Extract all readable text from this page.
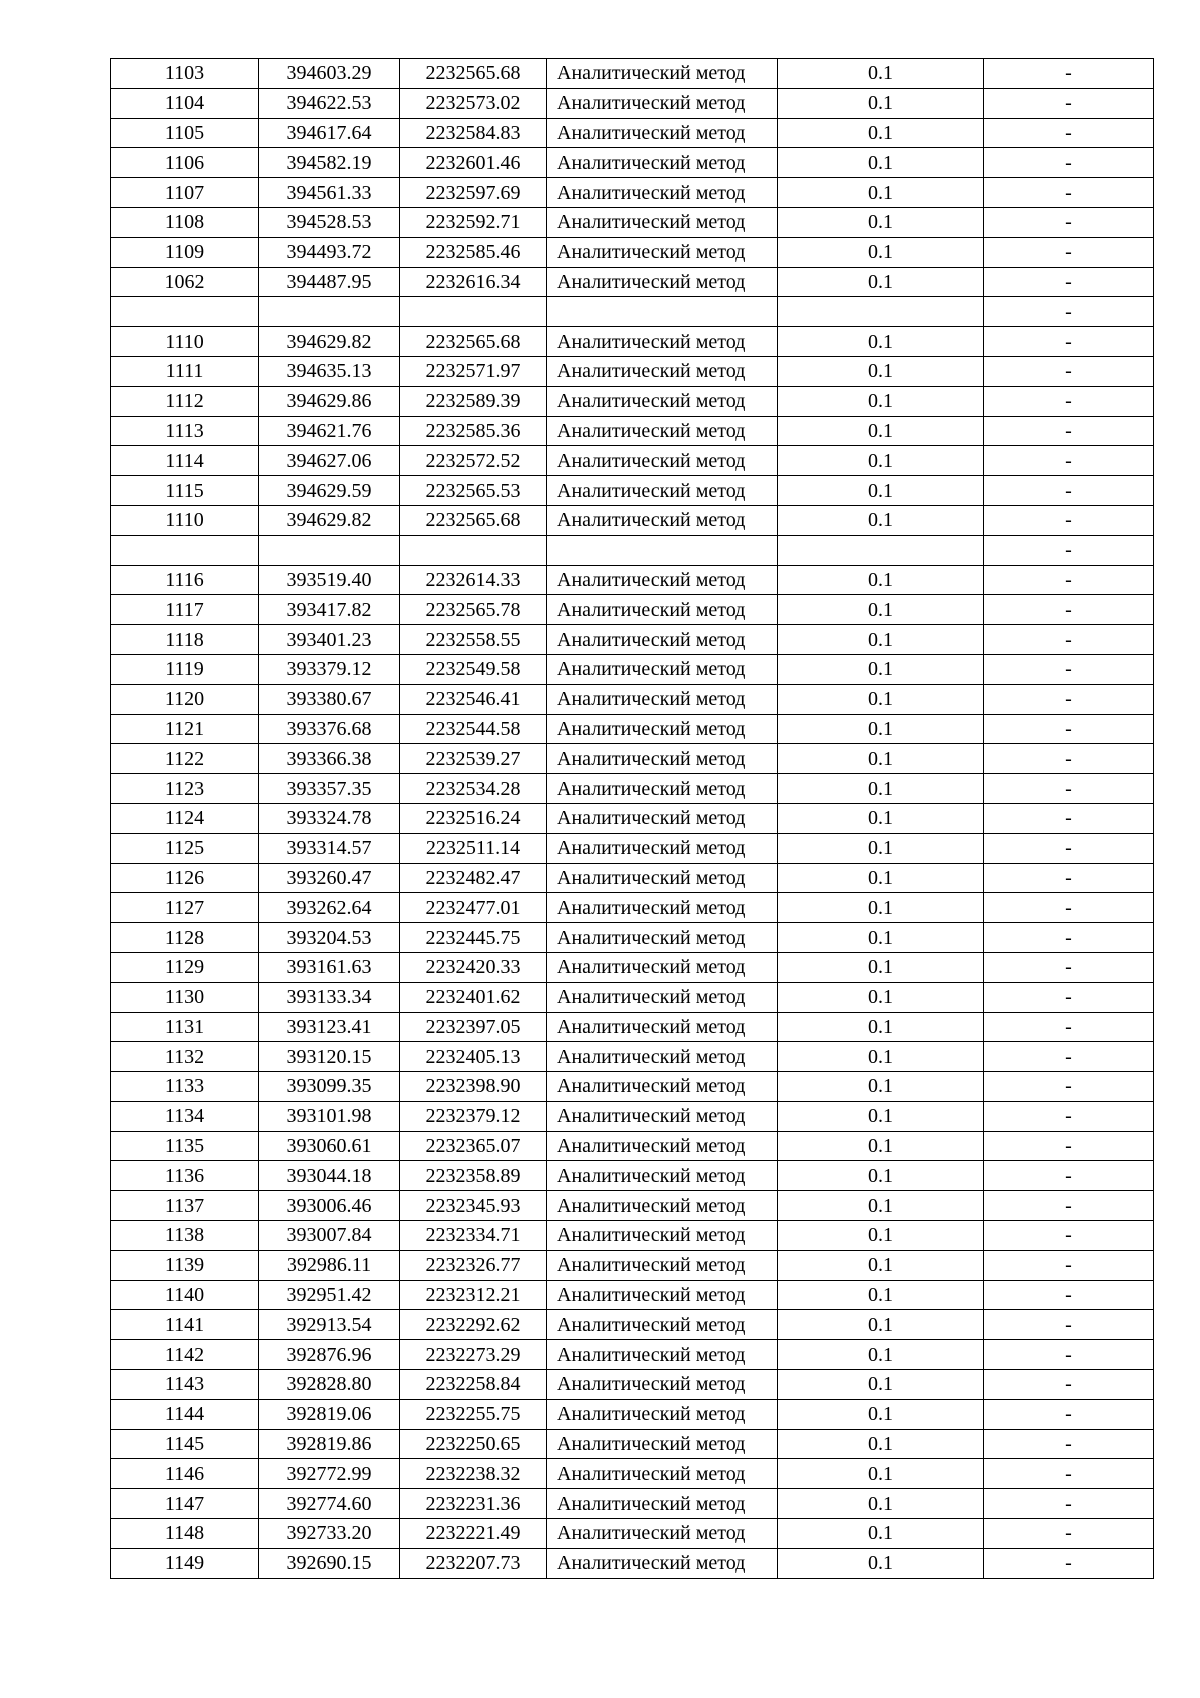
1103	394603.29	2232565.68	Аналитический метод	0.1	-
1104	394622.53	2232573.02	Аналитический метод	0.1	-
1105	394617.64	2232584.83	Аналитический метод	0.1	-
1106	394582.19	2232601.46	Аналитический метод	0.1	-
1107	394561.33	2232597.69	Аналитический метод	0.1	-
1108	394528.53	2232592.71	Аналитический метод	0.1	-
1109	394493.72	2232585.46	Аналитический метод	0.1	-
1062	394487.95	2232616.34	Аналитический метод	0.1	-
					-
1110	394629.82	2232565.68	Аналитический метод	0.1	-
1111	394635.13	2232571.97	Аналитический метод	0.1	-
1112	394629.86	2232589.39	Аналитический метод	0.1	-
1113	394621.76	2232585.36	Аналитический метод	0.1	-
1114	394627.06	2232572.52	Аналитический метод	0.1	-
1115	394629.59	2232565.53	Аналитический метод	0.1	-
1110	394629.82	2232565.68	Аналитический метод	0.1	-
					-
1116	393519.40	2232614.33	Аналитический метод	0.1	-
1117	393417.82	2232565.78	Аналитический метод	0.1	-
1118	393401.23	2232558.55	Аналитический метод	0.1	-
1119	393379.12	2232549.58	Аналитический метод	0.1	-
1120	393380.67	2232546.41	Аналитический метод	0.1	-
1121	393376.68	2232544.58	Аналитический метод	0.1	-
1122	393366.38	2232539.27	Аналитический метод	0.1	-
1123	393357.35	2232534.28	Аналитический метод	0.1	-
1124	393324.78	2232516.24	Аналитический метод	0.1	-
1125	393314.57	2232511.14	Аналитический метод	0.1	-
1126	393260.47	2232482.47	Аналитический метод	0.1	-
1127	393262.64	2232477.01	Аналитический метод	0.1	-
1128	393204.53	2232445.75	Аналитический метод	0.1	-
1129	393161.63	2232420.33	Аналитический метод	0.1	-
1130	393133.34	2232401.62	Аналитический метод	0.1	-
1131	393123.41	2232397.05	Аналитический метод	0.1	-
1132	393120.15	2232405.13	Аналитический метод	0.1	-
1133	393099.35	2232398.90	Аналитический метод	0.1	-
1134	393101.98	2232379.12	Аналитический метод	0.1	-
1135	393060.61	2232365.07	Аналитический метод	0.1	-
1136	393044.18	2232358.89	Аналитический метод	0.1	-
1137	393006.46	2232345.93	Аналитический метод	0.1	-
1138	393007.84	2232334.71	Аналитический метод	0.1	-
1139	392986.11	2232326.77	Аналитический метод	0.1	-
1140	392951.42	2232312.21	Аналитический метод	0.1	-
1141	392913.54	2232292.62	Аналитический метод	0.1	-
1142	392876.96	2232273.29	Аналитический метод	0.1	-
1143	392828.80	2232258.84	Аналитический метод	0.1	-
1144	392819.06	2232255.75	Аналитический метод	0.1	-
1145	392819.86	2232250.65	Аналитический метод	0.1	-
1146	392772.99	2232238.32	Аналитический метод	0.1	-
1147	392774.60	2232231.36	Аналитический метод	0.1	-
1148	392733.20	2232221.49	Аналитический метод	0.1	-
1149	392690.15	2232207.73	Аналитический метод	0.1	-
